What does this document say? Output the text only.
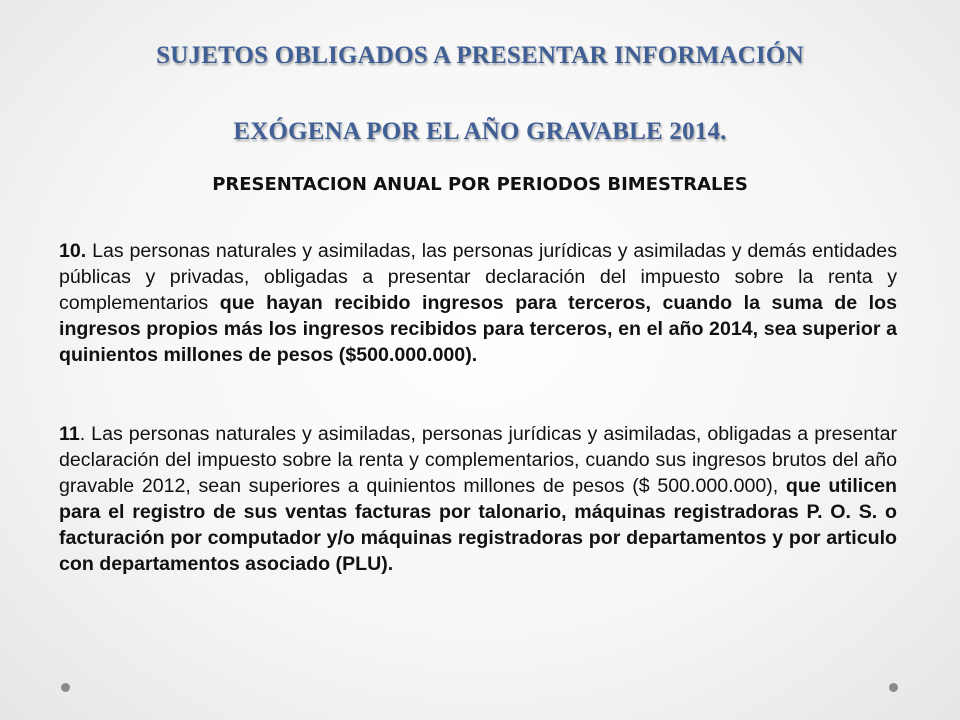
SUJETOS OBLIGADOS A PRESENTAR INFORMACIÓN
EXÓGENA POR EL AÑO GRAVABLE 2014.
PRESENTACION ANUAL POR PERIODOS BIMESTRALES

10. Las personas naturales y asimiladas, las personas jurídicas y asimiladas y demás entidades públicas y privadas, obligadas a presentar declaración del impuesto sobre la renta y complementarios que hayan recibido ingresos para terceros, cuando la suma de los ingresos propios más los ingresos recibidos para terceros, en el año 2014, sea superior a quinientos millones de pesos ($500.000.000).

11. Las personas naturales y asimiladas, personas jurídicas y asimiladas, obligadas a presentar declaración del impuesto sobre la renta y complementarios, cuando sus ingresos brutos del año gravable 2012, sean superiores a quinientos millones de pesos ($ 500.000.000), que utilicen para el registro de sus ventas facturas por talonario, máquinas registradoras P. O. S. o facturación por computador y/o máquinas registradoras por departamentos y por articulo con departamentos asociado (PLU).
